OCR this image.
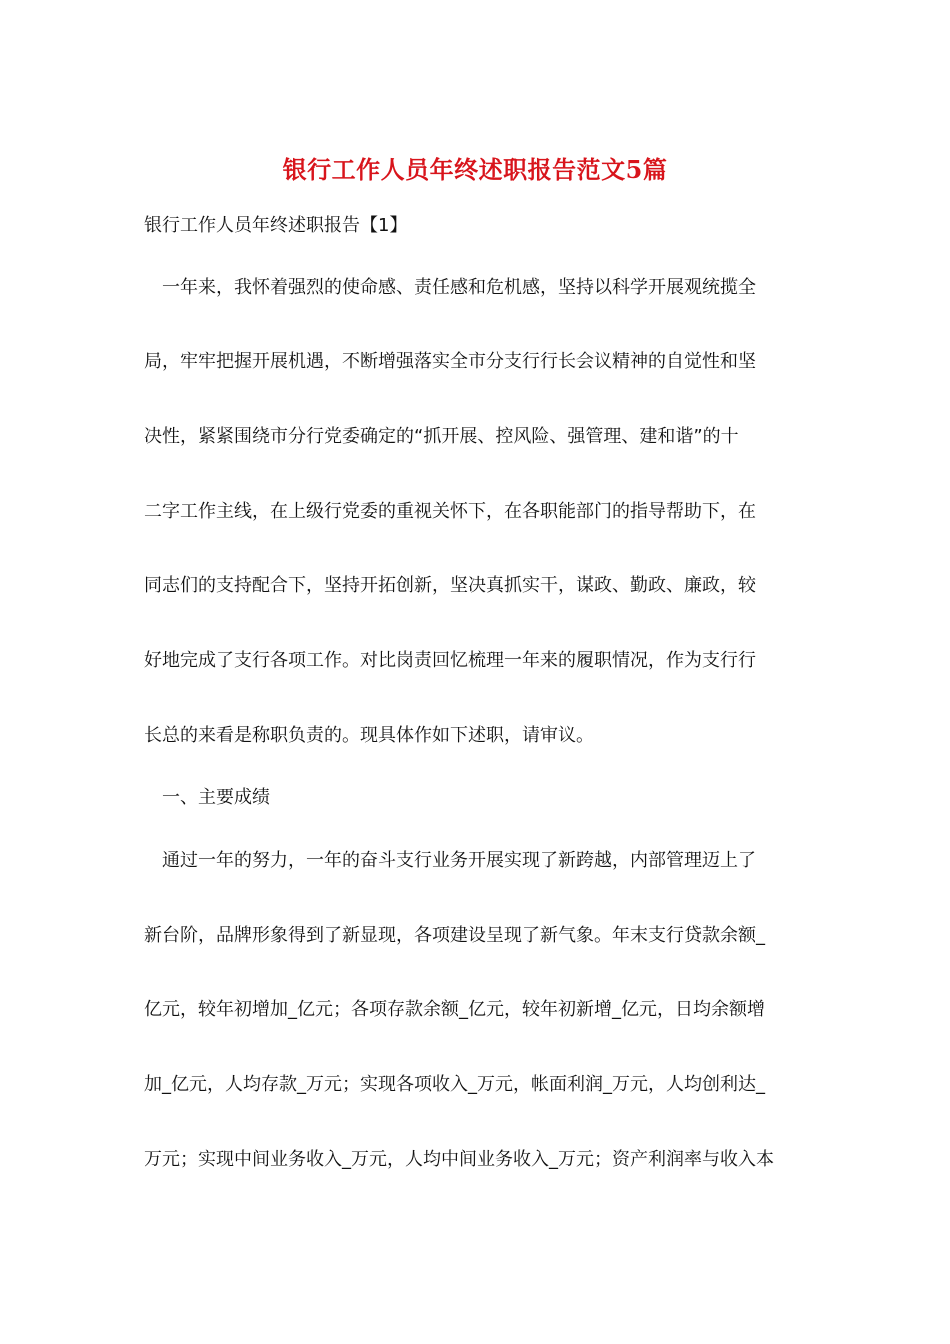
银行工作人员年终述职报告范文5篇
银行工作人员年终述职报告【1】
一年来，我怀着强烈的使命感、责任感和危机感，坚持以科学开展观统揽全
局，牢牢把握开展机遇，不断增强落实全市分支行行长会议精神的自觉性和坚
决性，紧紧围绕市分行党委确定的“抓开展、控风险、强管理、建和谐”的十
二字工作主线，在上级行党委的重视关怀下，在各职能部门的指导帮助下，在
同志们的支持配合下，坚持开拓创新，坚决真抓实干，谋政、勤政、廉政，较
好地完成了支行各项工作。对比岗责回忆梳理一年来的履职情况，作为支行行
长总的来看是称职负责的。现具体作如下述职，请审议。
一、主要成绩
通过一年的努力，一年的奋斗支行业务开展实现了新跨越，内部管理迈上了
新台阶，品牌形象得到了新显现，各项建设呈现了新气象。年末支行贷款余额_
亿元，较年初增加_亿元；各项存款余额_亿元，较年初新增_亿元，日均余额增
加_亿元，人均存款_万元；实现各项收入_万元，帐面利润_万元，人均创利达_
万元；实现中间业务收入_万元，人均中间业务收入_万元；资产利润率与收入本
